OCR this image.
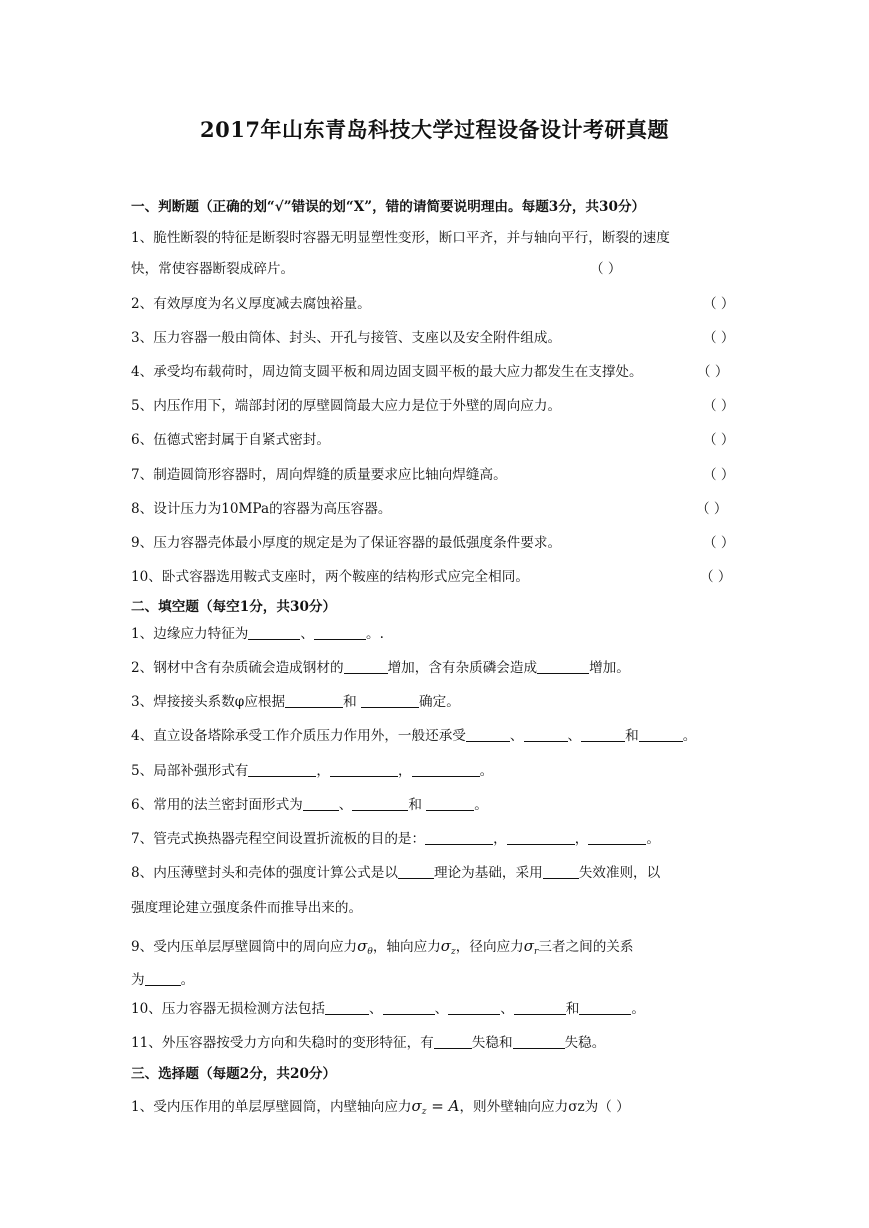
2017年山东青岛科技大学过程设备设计考研真题
一、判断题（正确的划“√”错误的划“X”，错的请简要说明理由。每题3分，共30分）
1、脆性断裂的特征是断裂时容器无明显塑性变形，断口平齐，并与轴向平行，断裂的速度
快，常使容器断裂成碎片。	（ ）
2、有效厚度为名义厚度减去腐蚀裕量。	（ ）
3、压力容器一般由筒体、封头、开孔与接管、支座以及安全附件组成。	（ ）
4、承受均布载荷时，周边简支圆平板和周边固支圆平板的最大应力都发生在支撑处。	（ ）
5、内压作用下，端部封闭的厚壁圆筒最大应力是位于外壁的周向应力。	（ ）
6、伍德式密封属于自紧式密封。	（ ）
7、制造圆筒形容器时，周向焊缝的质量要求应比轴向焊缝高。	（ ）
8、设计压力为10MPa的容器为高压容器。	（ ）
9、压力容器壳体最小厚度的规定是为了保证容器的最低强度条件要求。	（ ）
10、卧式容器选用鞍式支座时，两个鞍座的结构形式应完全相同。	（ ）
二、填空题（每空1分，共30分）
1、边缘应力特征为	、	。.
2、钢材中含有杂质硫会造成钢材的	增加，含有杂质磷会造成	增加。
3、焊接接头系数φ应根据	和	确定。
4、直立设备塔除承受工作介质压力作用外，一般还承受	、	、	和	。
5、局部补强形式有	，	，	。
6、常用的法兰密封面形式为	、	和	。
7、管壳式换热器壳程空间设置折流板的目的是：	，	，	。
8、内压薄壁封头和壳体的强度计算公式是以	理论为基础，采用	失效准则，以
强度理论建立强度条件而推导出来的。
9、受内压单层厚壁圆筒中的周向应力$\sigma_\theta$，轴向应力$\sigma_z$，径向应力$\sigma_r$三者之间的关系
为	。
10、压力容器无损检测方法包括	、	、	、	和	。
11、外压容器按受力方向和失稳时的变形特征，有	失稳和	失稳。
三、选择题（每题2分，共20分）
1、受内压作用的单层厚壁圆筒，内壁轴向应力$\sigma_z = A$，则外壁轴向应力σz为（ ）
